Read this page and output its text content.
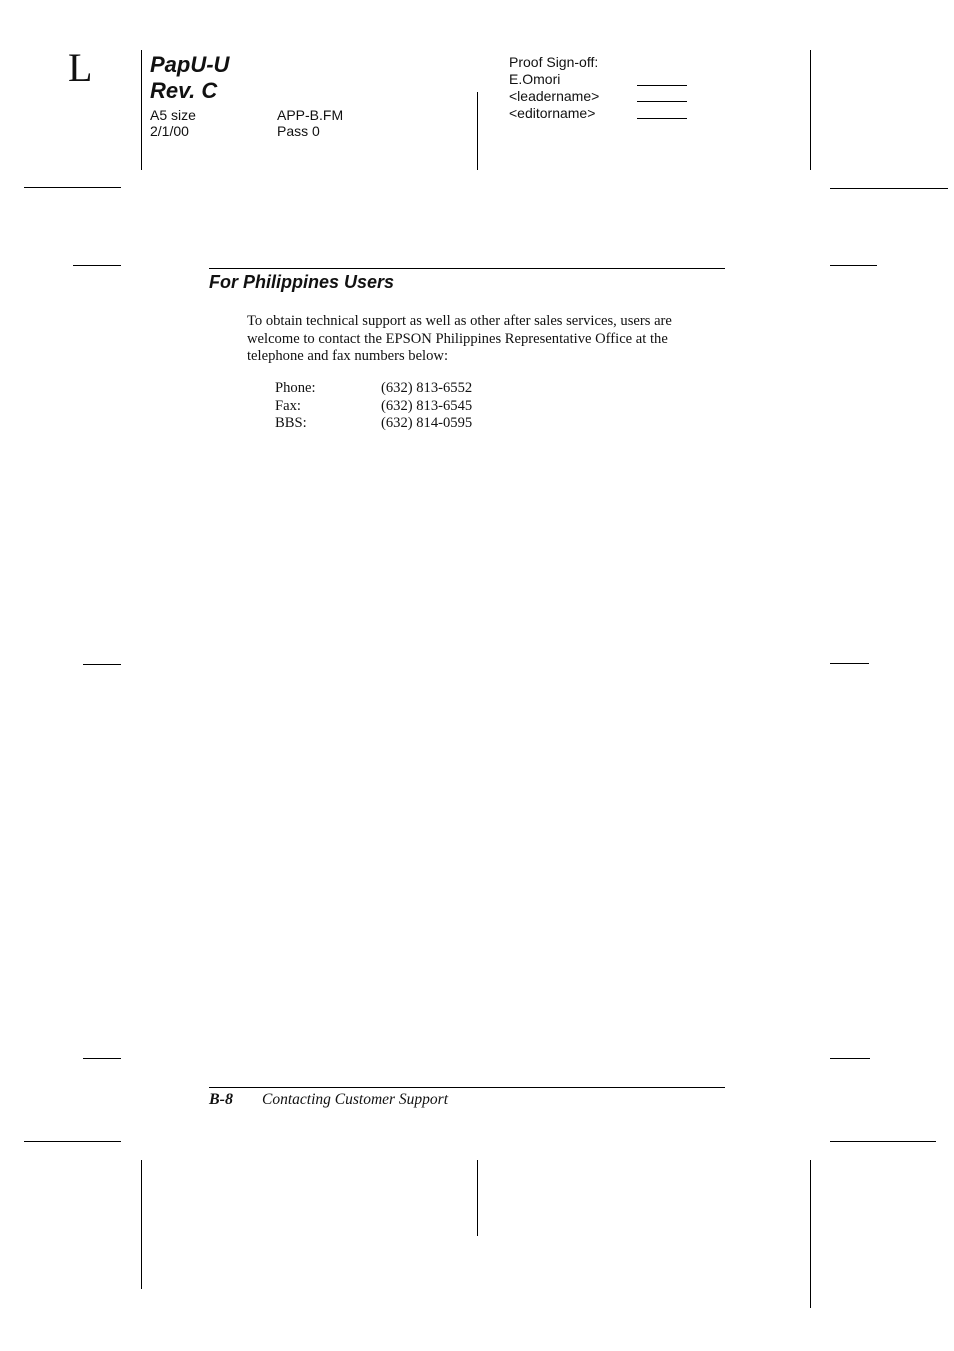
L	PapU-U
Rev. C
A5 size	APP-B.FM
2/1/00	Pass 0
Proof Sign-off:
E.Omori
<leadername>
<editorname>
For Philippines Users
To obtain technical support as well as other after sales services, users are welcome to contact the EPSON Philippines Representative Office at the telephone and fax numbers below:
Phone:	(632) 813-6552
Fax:	(632) 813-6545
BBS:	(632) 814-0595
B-8	Contacting Customer Support
